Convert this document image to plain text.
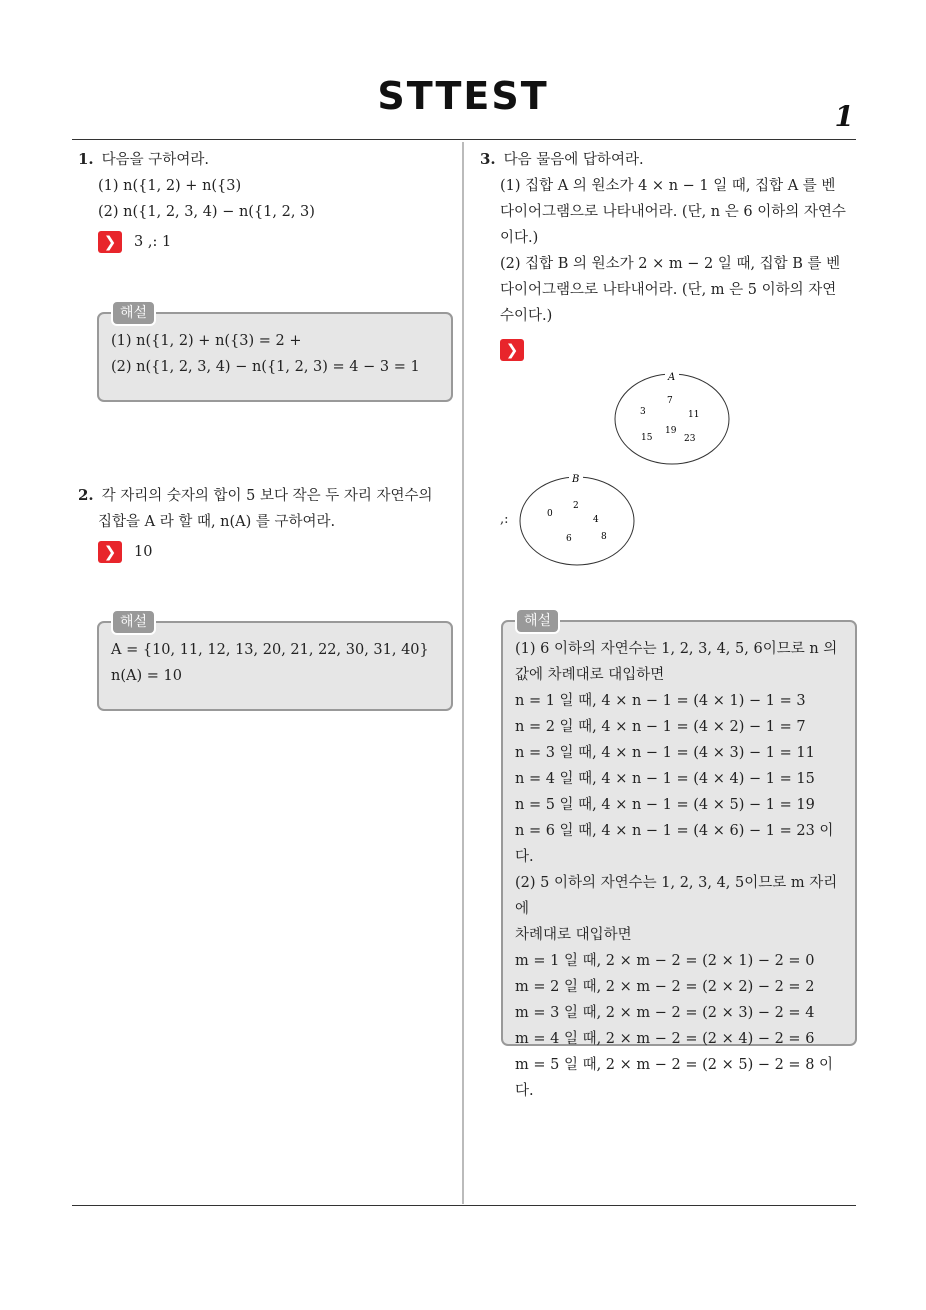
STTEST	1
1. 다음을 구하여라.
(1) n({1, 2) + n({3)
(2) n({1, 2, 3, 4) − n({1, 2, 3)
❯	3 ,: 1
해설
(1) n({1, 2) + n({3) = 2 +
(2) n({1, 2, 3, 4) − n({1, 2, 3) = 4 − 3 = 1
2. 각 자리의 숫자의 합이 5 보다 작은 두 자리 자연수의
집합을 A 라 할 때, n(A) 를 구하여라.
❯	10
해설
A = {10, 11, 12, 13, 20, 21, 22, 30, 31, 40}
n(A) = 10
3. 다음 물음에 답하여라.
(1) 집합 A 의 원소가 4 × n − 1 일 때, 집합 A 를 벤
다이어그램으로 나타내어라. (단, n 은 6 이하의 자연수
이다.)
(2) 집합 B 의 원소가 2 × m − 2 일 때, 집합 B 를 벤
다이어그램으로 나타내어라. (단, m 은 5 이하의 자연
수이다.)
❯
A
7
3	11
19
15	23
,:
B
2
0
4
6	8
해설
(1) 6 이하의 자연수는 1, 2, 3, 4, 5, 6이므로 n 의
값에 차례대로 대입하면
n = 1 일 때, 4 × n − 1 = (4 × 1) − 1 = 3
n = 2 일 때, 4 × n − 1 = (4 × 2) − 1 = 7
n = 3 일 때, 4 × n − 1 = (4 × 3) − 1 = 11
n = 4 일 때, 4 × n − 1 = (4 × 4) − 1 = 15
n = 5 일 때, 4 × n − 1 = (4 × 5) − 1 = 19
n = 6 일 때, 4 × n − 1 = (4 × 6) − 1 = 23 이다.
(2) 5 이하의 자연수는 1, 2, 3, 4, 5이므로 m 자리에
차례대로 대입하면
m = 1 일 때, 2 × m − 2 = (2 × 1) − 2 = 0
m = 2 일 때, 2 × m − 2 = (2 × 2) − 2 = 2
m = 3 일 때, 2 × m − 2 = (2 × 3) − 2 = 4
m = 4 일 때, 2 × m − 2 = (2 × 4) − 2 = 6
m = 5 일 때, 2 × m − 2 = (2 × 5) − 2 = 8 이다.
